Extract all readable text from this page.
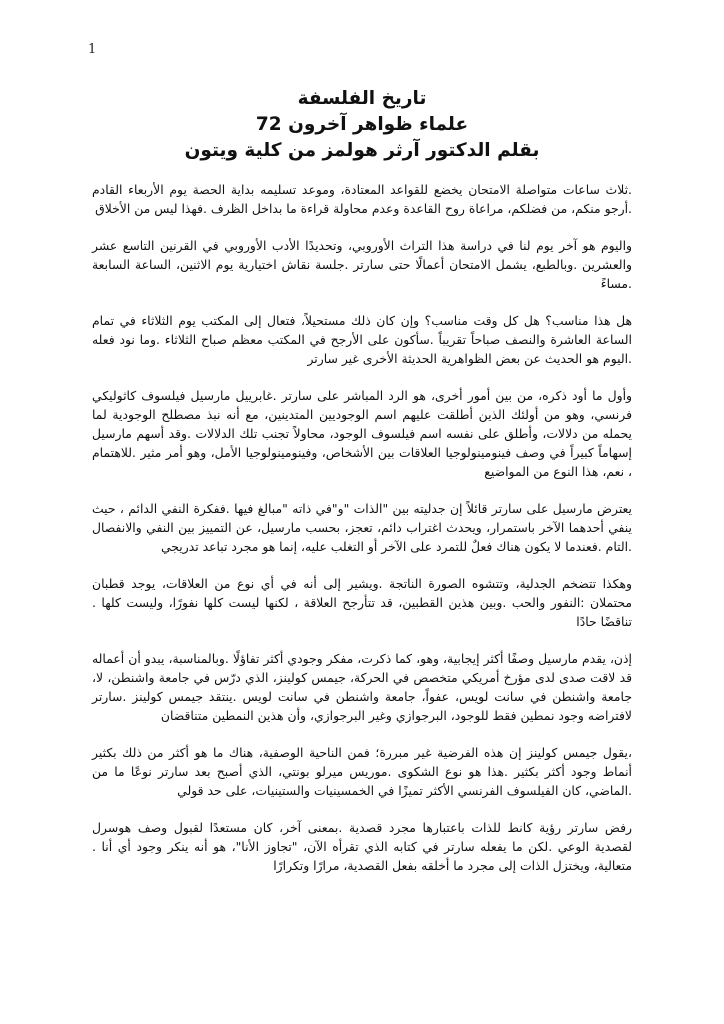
1
تاريخ الفلسفة
علماء ظواهر آخرون 72
بقلم الدكتور آرثر هولمز من كلية ويتون

.ثلاث ساعات متواصلة الامتحان يخضع للقواعد المعتادة، وموعد تسليمه بداية الحصة يوم الأربعاء القادم .أرجو منكم، من فضلكم، مراعاة روح القاعدة وعدم محاولة قراءة ما بداخل الظرف .فهذا ليس من الأخلاق

واليوم هو آخر يوم لنا في دراسة هذا التراث الأوروبي، وتحديدًا الأدب الأوروبي في القرنين التاسع عشر والعشرين .وبالطبع، يشمل الامتحان أعمالًا حتى سارتر .جلسة نقاش اختيارية يوم الاثنين، الساعة السابعة .مساءً

هل هذا مناسب؟ هل كل وقت مناسب؟ وإن كان ذلك مستحيلاً، فتعال إلى المكتب يوم الثلاثاء في تمام الساعة العاشرة والنصف صباحاً تقريباً .سأكون على الأرجح في المكتب معظم صباح الثلاثاء .وما نود فعله .اليوم هو الحديث عن بعض الظواهرية الحديثة الأخرى غير سارتر

وأول ما أود ذكره، من بين أمور أخرى، هو الرد المباشر على سارتر .غابرييل مارسيل فيلسوف كاثوليكي فرنسي، وهو من أولئك الذين أطلقت عليهم اسم الوجوديين المتدينين، مع أنه نبذ مصطلح الوجودية لما يحمله من دلالات، وأطلق على نفسه اسم فيلسوف الوجود، محاولاً تجنب تلك الدلالات .وقد أسهم مارسيل إسهاماً كبيراً في وصف فينومينولوجيا العلاقات بين الأشخاص، وفينومينولوجيا الأمل، وهو أمر مثير .للاهتمام ، نعم، هذا النوع من المواضيع

يعترض مارسيل على سارتر قائلاً إن جدليته بين "الذات "و"في ذاته "مبالغ فيها .ففكرة النفي الدائم ، حيث ينفي أحدهما الآخر باستمرار، ويحدث اغتراب دائم، تعجز، بحسب مارسيل، عن التمييز بين النفي والانفصال .التام .فعندما لا يكون هناك فعلٌ للتمرد على الآخر أو التغلب عليه، إنما هو مجرد تباعد تدريجي

وهكذا تتضخم الجدلية، وتتشوه الصورة الناتجة .ويشير إلى أنه في أي نوع من العلاقات، يوجد قطبان محتملان :النفور والحب .وبين هذين القطبين، قد تتأرجح العلاقة ، لكنها ليست كلها نفورًا، وليست كلها . تناقضًا حادًا

إذن، يقدم مارسيل وصفًا أكثر إيجابية، وهو، كما ذكرت، مفكر وجودي أكثر تفاؤلًا .وبالمناسبة، يبدو أن أعماله قد لاقت صدى لدى مؤرخ أمريكي متخصص في الحركة، جيمس كولينز، الذي درّس في جامعة واشنطن، لا، جامعة واشنطن في سانت لويس، عفواً، جامعة واشنطن في سانت لويس .ينتقد جيمس كولينز .سارتر لافتراضه وجود نمطين فقط للوجود، البرجوازي وغير البرجوازي، وأن هذين النمطين متناقضان

،يقول جيمس كولينز إن هذه الفرضية غير مبررة؛ فمن الناحية الوصفية، هناك ما هو أكثر من ذلك بكثير أنماط وجود أكثر بكثير .هذا هو نوع الشكوى .موريس ميرلو بونتي، الذي أصبح بعد سارتر نوعًا ما من .الماضي، كان الفيلسوف الفرنسي الأكثر تميزًا في الخمسينيات والستينيات، على حد قولي

رفض سارتر رؤية كانط للذات باعتبارها مجرد قصدية .بمعنى آخر، كان مستعدًا لقبول وصف هوسرل لقصدية الوعي .لكن ما يفعله سارتر في كتابه الذي تقرأه الآن، "تجاوز الأنا"، هو أنه ينكر وجود أي أنا . متعالية، ويختزل الذات إلى مجرد ما أخلقه بفعل القصدية، مرارًا وتكرارًا
